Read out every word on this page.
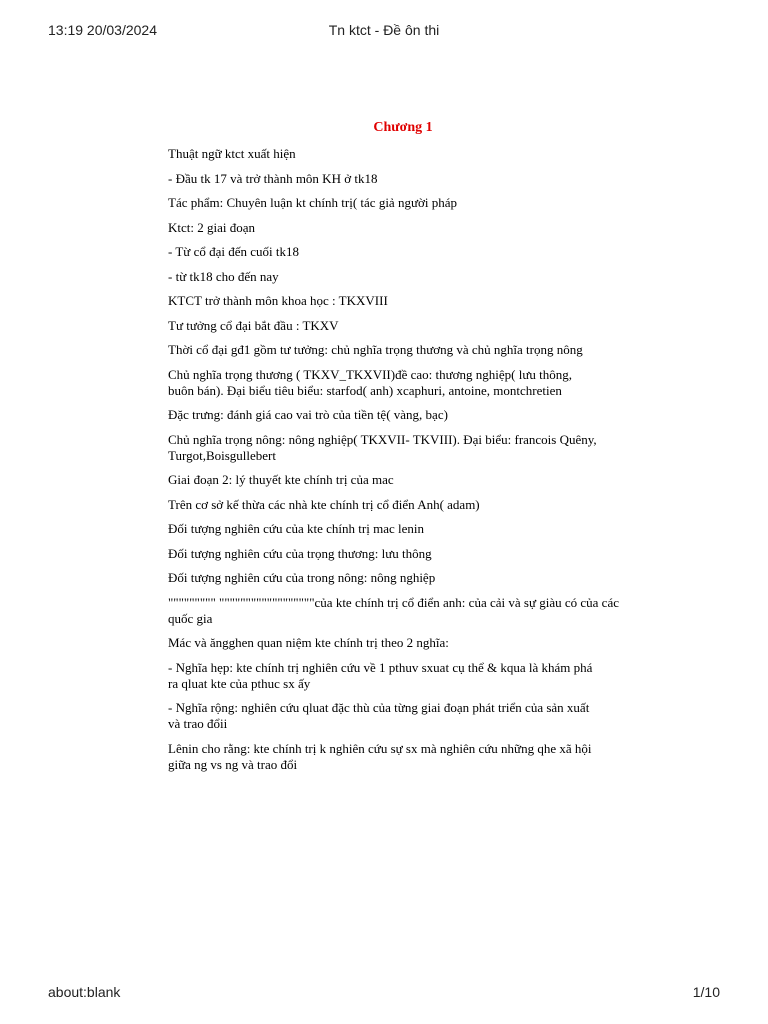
13:19 20/03/2024	Tn ktct - Đề ôn thi
Chương 1
Thuật ngữ ktct xuất hiện
- Đầu tk 17 và trở thành môn KH ở tk18
Tác phẩm: Chuyên luận kt chính trị( tác giả người pháp
Ktct: 2 giai đoạn
- Từ cổ đại đến cuối tk18
- từ tk18 cho đến nay
KTCT trở thành môn khoa học : TKXVIII
Tư tưởng cổ đại bắt đầu : TKXV
Thời cổ đại gđ1 gồm tư tưởng: chủ nghĩa trọng thương và chủ nghĩa trọng nông
Chủ nghĩa trọng thương ( TKXV_TKXVII)đề cao: thương nghiệp( lưu thông,
buôn bán). Đại biểu tiêu biểu: starfod( anh) xcaphuri, antoine, montchretien
Đặc trưng: đánh giá cao vai trò của tiền tệ( vàng, bạc)
Chủ nghĩa trọng nông: nông nghiệp( TKXVII- TKVIII). Đại biểu: francois Quêny,
Turgot,Boisgullebert
Giai đoạn 2: lý thuyết kte chính trị của mac
Trên cơ sở kế thừa các nhà kte chính trị cổ điển Anh( adam)
Đối tượng nghiên cứu của kte chính trị mac lenin
Đối tượng nghiên cứu của trọng thương: lưu thông
Đối tượng nghiên cứu của trong nông: nông nghiệp
""""""""" """"""""""""""""""của kte chính trị cổ điển anh: của cải và sự giàu có của các
quốc gia
Mác và ăngghen quan niệm kte chính trị theo 2 nghĩa:
- Nghĩa hẹp: kte chính trị nghiên cứu về 1 pthuv sxuat cụ thể & kqua là khám phá
ra qluat kte của pthuc sx ấy
- Nghĩa rộng: nghiên cứu qluat đặc thù của từng giai đoạn phát triển của sản xuất
và trao đổii
Lênin cho rằng: kte chính trị k nghiên cứu sự sx mà nghiên cứu những qhe xã hội
giữa ng vs ng và trao đổi
about:blank	1/10
